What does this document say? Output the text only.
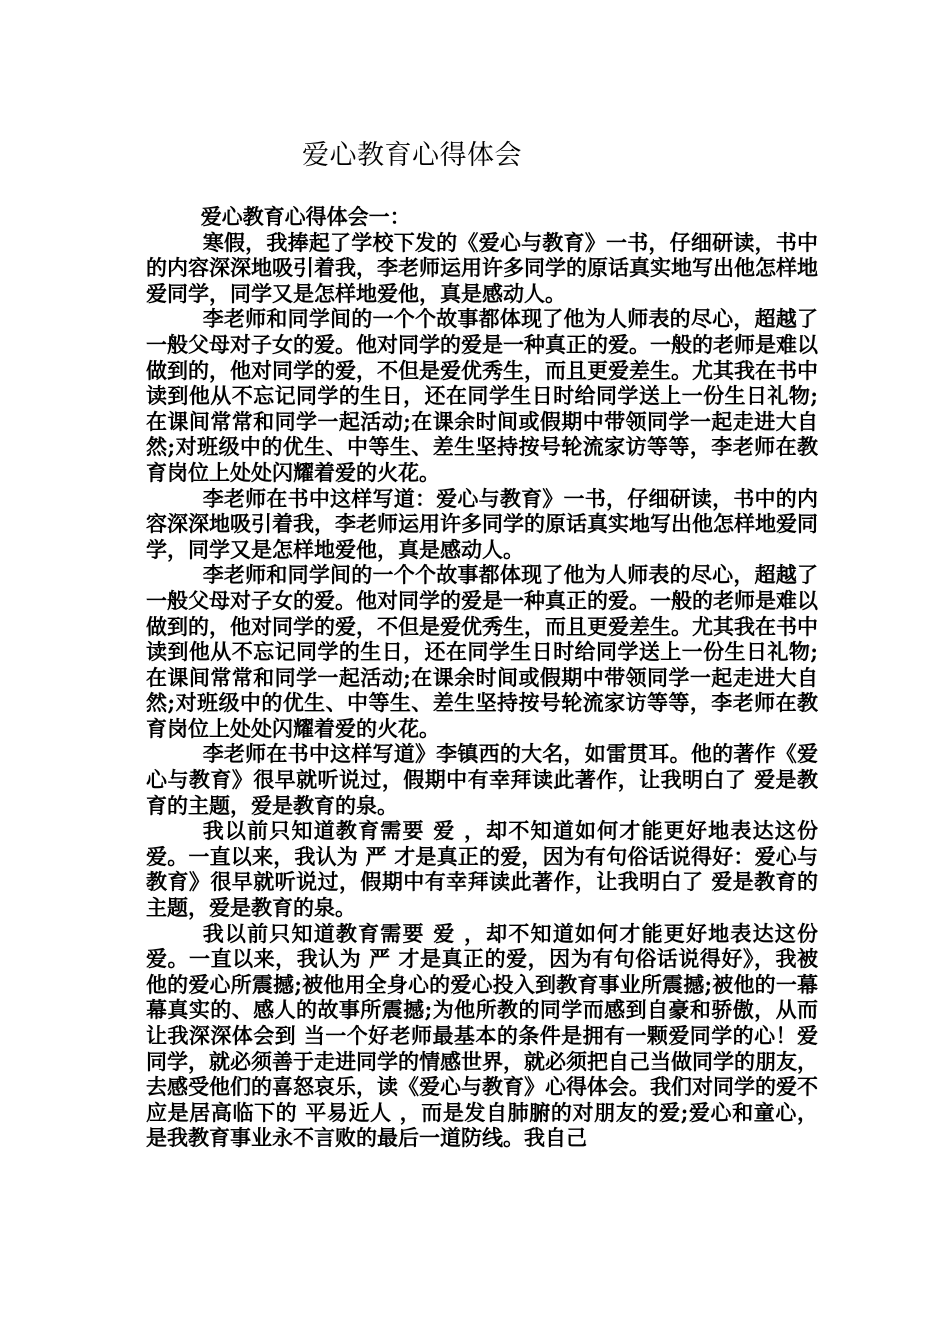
爱心教育心得体会

爱心教育心得体会一：

寒假，我捧起了学校下发的《爱心与教育》一书，仔细研读，书中的内容深深地吸引着我，李老师运用许多同学的原话真实地写出他怎样地爱同学，同学又是怎样地爱他，真是感动人。

李老师和同学间的一个个故事都体现了他为人师表的尽心，超越了一般父母对子女的爱。他对同学的爱是一种真正的爱。一般的老师是难以做到的，他对同学的爱，不但是爱优秀生，而且更爱差生。尤其我在书中读到他从不忘记同学的生日，还在同学生日时给同学送上一份生日礼物;在课间常常和同学一起活动;在课余时间或假期中带领同学一起走进大自然;对班级中的优生、中等生、差生坚持按号轮流家访等等，李老师在教育岗位上处处闪耀着爱的火花。

李老师在书中这样写道：爱心与教育》一书，仔细研读，书中的内容深深地吸引着我，李老师运用许多同学的原话真实地写出他怎样地爱同学，同学又是怎样地爱他，真是感动人。

李老师和同学间的一个个故事都体现了他为人师表的尽心，超越了一般父母对子女的爱。他对同学的爱是一种真正的爱。一般的老师是难以做到的，他对同学的爱，不但是爱优秀生，而且更爱差生。尤其我在书中读到他从不忘记同学的生日，还在同学生日时给同学送上一份生日礼物;在课间常常和同学一起活动;在课余时间或假期中带领同学一起走进大自然;对班级中的优生、中等生、差生坚持按号轮流家访等等，李老师在教育岗位上处处闪耀着爱的火花。

李老师在书中这样写道》李镇西的大名，如雷贯耳。他的著作《爱心与教育》很早就听说过，假期中有幸拜读此著作，让我明白了 爱是教育的主题，爱是教育的泉。

我以前只知道教育需要 爱 ，却不知道如何才能更好地表达这份爱。一直以来，我认为 严 才是真正的爱，因为有句俗话说得好：爱心与教育》很早就听说过，假期中有幸拜读此著作，让我明白了 爱是教育的主题，爱是教育的泉。

我以前只知道教育需要 爱 ，却不知道如何才能更好地表达这份爱。一直以来，我认为 严 才是真正的爱，因为有句俗话说得好》，我被他的爱心所震撼;被他用全身心的爱心投入到教育事业所震撼;被他的一幕幕真实的、感人的故事所震撼;为他所教的同学而感到自豪和骄傲，从而让我深深体会到 当一个好老师最基本的条件是拥有一颗爱同学的心！爱同学，就必须善于走进同学的情感世界，就必须把自己当做同学的朋友，去感受他们的喜怒哀乐，读《爱心与教育》心得体会。我们对同学的爱不应是居高临下的 平易近人 ，而是发自肺腑的对朋友的爱;爱心和童心，是我教育事业永不言败的最后一道防线。我自己
